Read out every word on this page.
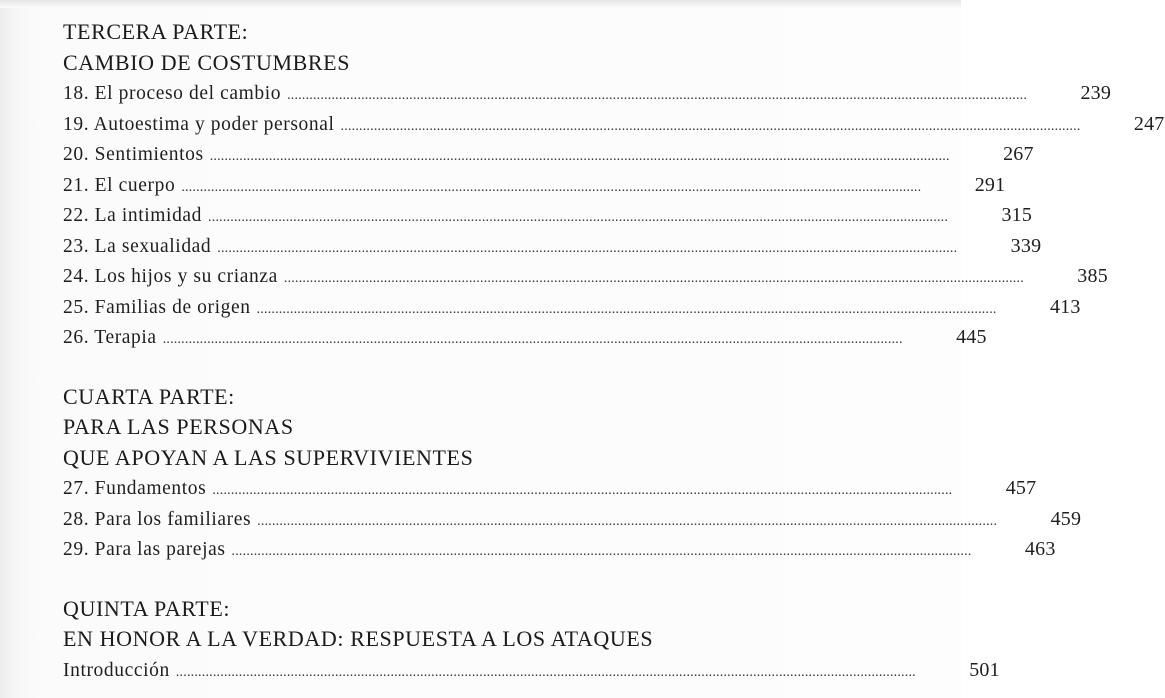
TERCERA PARTE:
CAMBIO DE COSTUMBRES
18. El proceso del cambio ........................................................................................................................................................................................................	239
19. Autoestima y poder personal ........................................................................................................................................................................................................	247
20. Sentimientos ........................................................................................................................................................................................................	267
21. El cuerpo ........................................................................................................................................................................................................	291
22. La intimidad ........................................................................................................................................................................................................	315
23. La sexualidad ........................................................................................................................................................................................................	339
24. Los hijos y su crianza ........................................................................................................................................................................................................	385
25. Familias de origen ........................................................................................................................................................................................................	413
26. Terapia ........................................................................................................................................................................................................	445
CUARTA PARTE:
PARA LAS PERSONAS
QUE APOYAN A LAS SUPERVIVIENTES
27. Fundamentos ........................................................................................................................................................................................................	457
28. Para los familiares ........................................................................................................................................................................................................	459
29. Para las parejas ........................................................................................................................................................................................................	463
QUINTA PARTE:
EN HONOR A LA VERDAD: RESPUESTA A LOS ATAQUES
Introducción ........................................................................................................................................................................................................	501
